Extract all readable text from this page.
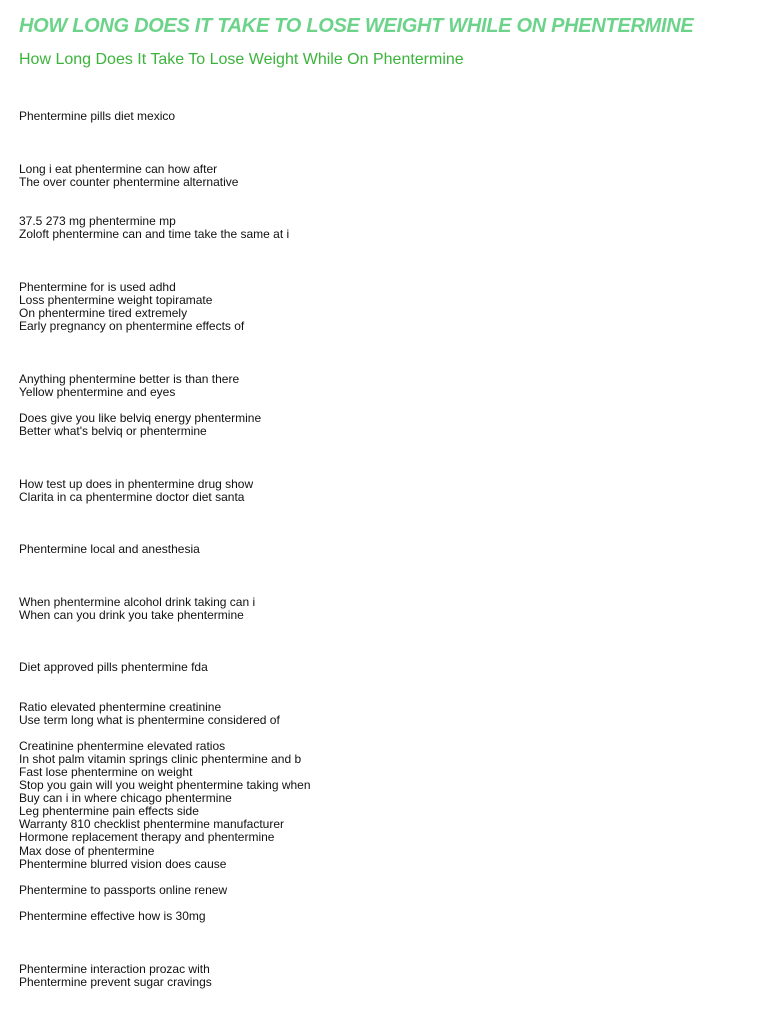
HOW LONG DOES IT TAKE TO LOSE WEIGHT WHILE ON PHENTERMINE
How Long Does It Take To Lose Weight While On Phentermine

Phentermine pills diet mexico

Long i eat phentermine can how after

The over counter phentermine alternative

37.5 273 mg phentermine mp

Zoloft phentermine can and time take the same at i

Phentermine for is used adhd

Loss phentermine weight topiramate

On phentermine tired extremely

Early pregnancy on phentermine effects of

Anything phentermine better is than there

Yellow phentermine and eyes

Does give you like belviq energy phentermine

Better what's belviq or phentermine

How test up does in phentermine drug show

Clarita in ca phentermine doctor diet santa

Phentermine local and anesthesia

When phentermine alcohol drink taking can i

When can you drink you take phentermine

Diet approved pills phentermine fda

Ratio elevated phentermine creatinine

Use term long what is phentermine considered of

Creatinine phentermine elevated ratios

In shot palm vitamin springs clinic phentermine and b

Fast lose phentermine on weight

Stop you gain will you weight phentermine taking when

Buy can i in where chicago phentermine

Leg phentermine pain effects side

Warranty 810 checklist phentermine manufacturer

Hormone replacement therapy and phentermine

Max dose of phentermine

Phentermine blurred vision does cause

Phentermine to passports online renew

Phentermine effective how is 30mg

Phentermine interaction prozac with

Phentermine prevent sugar cravings
